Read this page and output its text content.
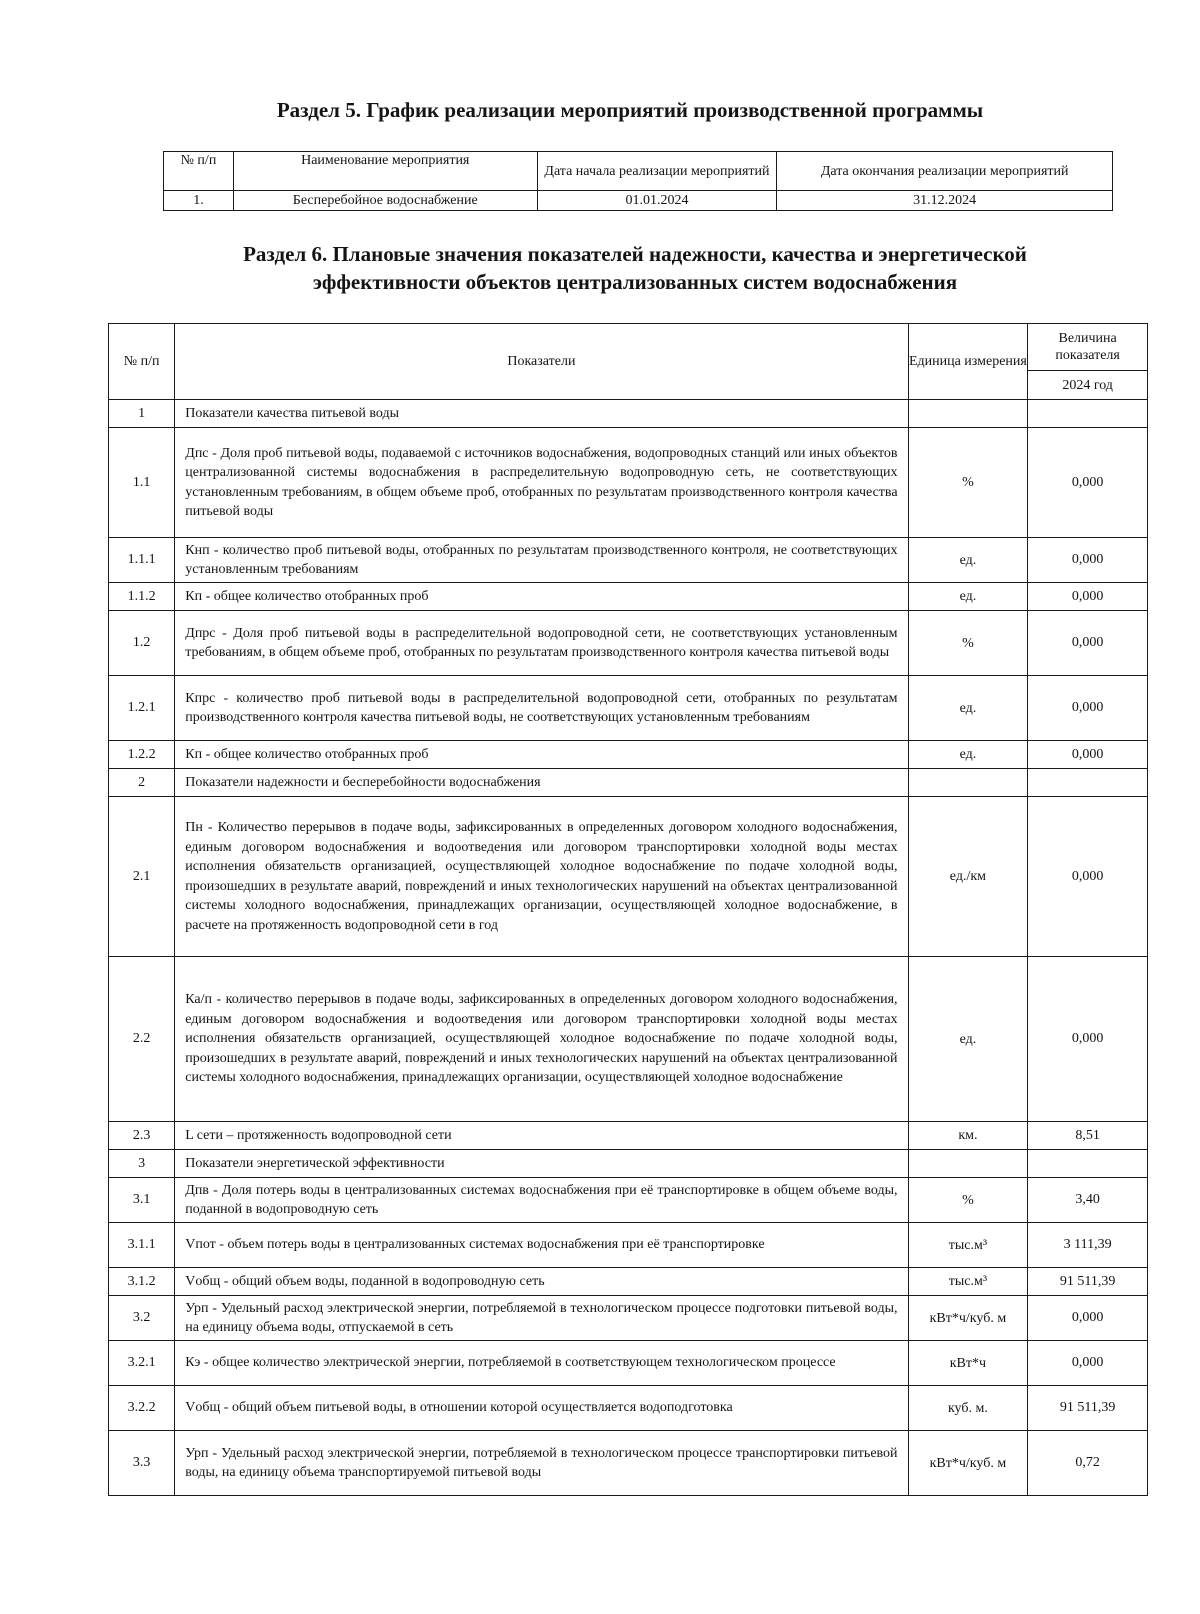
Раздел 5. График реализации мероприятий производственной программы
№ п/п	Наименование мероприятия	Дата начала реализации мероприятий	Дата окончания реализации мероприятий
1.	Бесперебойное водоснабжение	01.01.2024	31.12.2024
Раздел 6. Плановые значения показателей надежности, качества и энергетической
эффективности объектов централизованных систем водоснабжения
№ п/п	Показатели	Единица измерения	Величина показателя
			2024 год
1	Показатели качества питьевой воды		
1.1	Дпс - Доля проб питьевой воды, подаваемой с источников водоснабжения, водопроводных станций или иных объектов централизованной системы водоснабжения в распределительную водопроводную сеть, не соответствующих установленным требованиям, в общем объеме проб, отобранных по результатам производственного контроля качества питьевой воды	%	0,000
1.1.1	Кнп - количество проб питьевой воды, отобранных по результатам производственного контроля, не соответствующих установленным требованиям	ед.	0,000
1.1.2	Кп - общее количество отобранных проб	ед.	0,000
1.2	Дпрс - Доля проб питьевой воды в распределительной водопроводной сети, не соответствующих установленным требованиям, в общем объеме проб, отобранных по результатам производственного контроля качества питьевой воды	%	0,000
1.2.1	Кпрс - количество проб питьевой воды в распределительной водопроводной сети, отобранных по результатам производственного контроля качества питьевой воды, не соответствующих установленным требованиям	ед.	0,000
1.2.2	Кп - общее количество отобранных проб	ед.	0,000
2	Показатели надежности и бесперебойности водоснабжения		
2.1	Пн - Количество перерывов в подаче воды, зафиксированных в определенных договором холодного водоснабжения, единым договором водоснабжения и водоотведения или договором транспортировки холодной воды местах исполнения обязательств организацией, осуществляющей холодное водоснабжение по подаче холодной воды, произошедших в результате аварий, повреждений и иных технологических нарушений на объектах централизованной системы холодного водоснабжения, принадлежащих организации, осуществляющей холодное водоснабжение, в расчете на протяженность водопроводной сети в год	ед./км	0,000
2.2	Ка/п - количество перерывов в подаче воды, зафиксированных в определенных договором холодного водоснабжения, единым договором водоснабжения и водоотведения или договором транспортировки холодной воды местах исполнения обязательств организацией, осуществляющей холодное водоснабжение по подаче холодной воды, произошедших в результате аварий, повреждений и иных технологических нарушений на объектах централизованной системы холодного водоснабжения, принадлежащих организации, осуществляющей холодное водоснабжение	ед.	0,000
2.3	L сети – протяженность водопроводной сети	км.	8,51
3	Показатели энергетической эффективности		
3.1	Дпв - Доля потерь воды в централизованных системах водоснабжения при её транспортировке в общем объеме воды, поданной в водопроводную сеть	%	3,40
3.1.1	Vпот - объем потерь воды в централизованных системах водоснабжения при её транспортировке	тыс.м³	3 111,39
3.1.2	Vобщ - общий объем воды, поданной в водопроводную сеть	тыс.м³	91 511,39
3.2	Урп - Удельный расход электрической энергии, потребляемой в технологическом процессе подготовки питьевой воды, на единицу объема воды, отпускаемой в сеть	кВт*ч/куб. м	0,000
3.2.1	Кэ - общее количество электрической энергии, потребляемой в соответствующем технологическом процессе	кВт*ч	0,000
3.2.2	Vобщ - общий объем питьевой воды, в отношении которой осуществляется водоподготовка	куб. м.	91 511,39
3.3	Урп - Удельный расход электрической энергии, потребляемой в технологическом процессе транспортировки питьевой воды, на единицу объема транспортируемой питьевой воды	кВт*ч/куб. м	0,72
